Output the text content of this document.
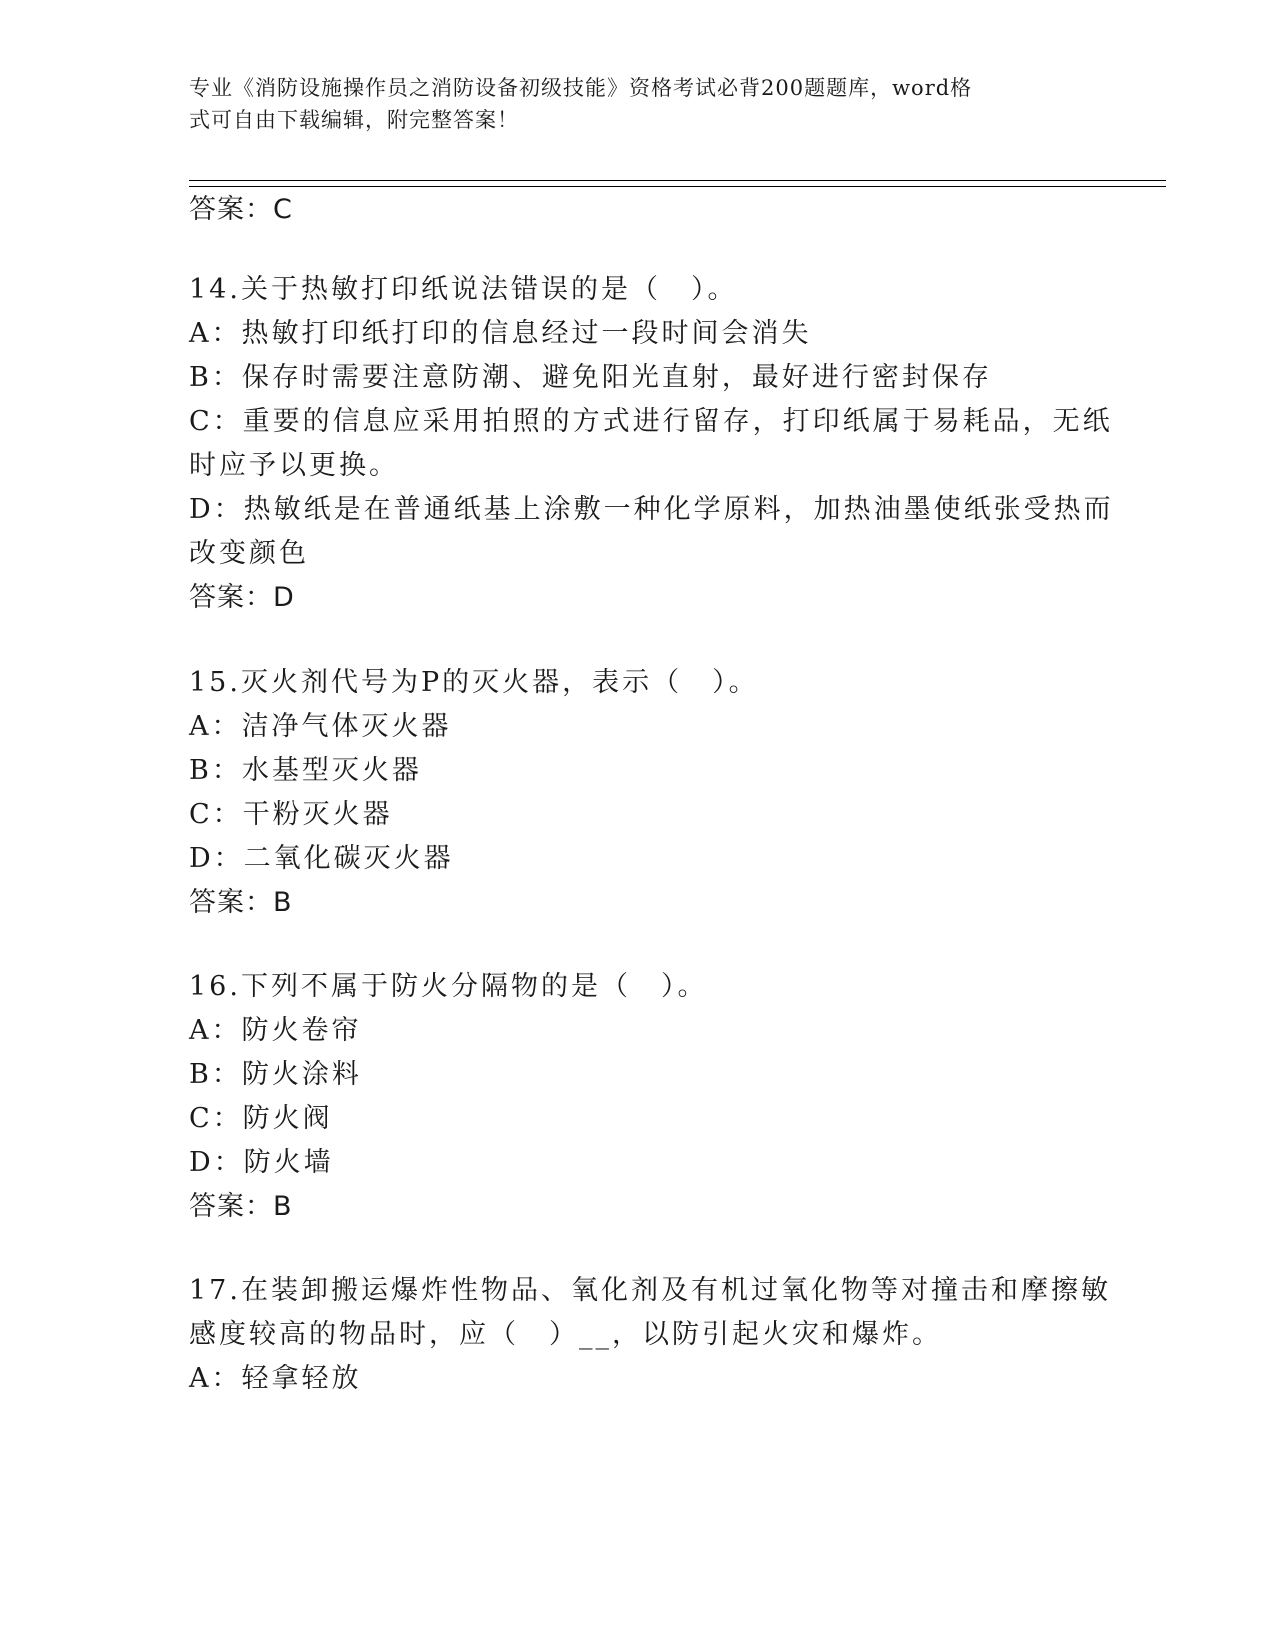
专业《消防设施操作员之消防设备初级技能》资格考试必背200题题库，word格
式可自由下载编辑，附完整答案！
答案：C
14.关于热敏打印纸说法错误的是（　）。
A：热敏打印纸打印的信息经过一段时间会消失
B：保存时需要注意防潮、避免阳光直射，最好进行密封保存
C：重要的信息应采用拍照的方式进行留存，打印纸属于易耗品，无纸
时应予以更换。
D：热敏纸是在普通纸基上涂敷一种化学原料，加热油墨使纸张受热而
改变颜色
答案：D
15.灭火剂代号为P的灭火器，表示（　）。
A：洁净气体灭火器
B：水基型灭火器
C：干粉灭火器
D：二氧化碳灭火器
答案：B
16.下列不属于防火分隔物的是（　）。
A：防火卷帘
B：防火涂料
C：防火阀
D：防火墙
答案：B
17.在装卸搬运爆炸性物品、氧化剂及有机过氧化物等对撞击和摩擦敏
感度较高的物品时，应（　）__，以防引起火灾和爆炸。
A：轻拿轻放
